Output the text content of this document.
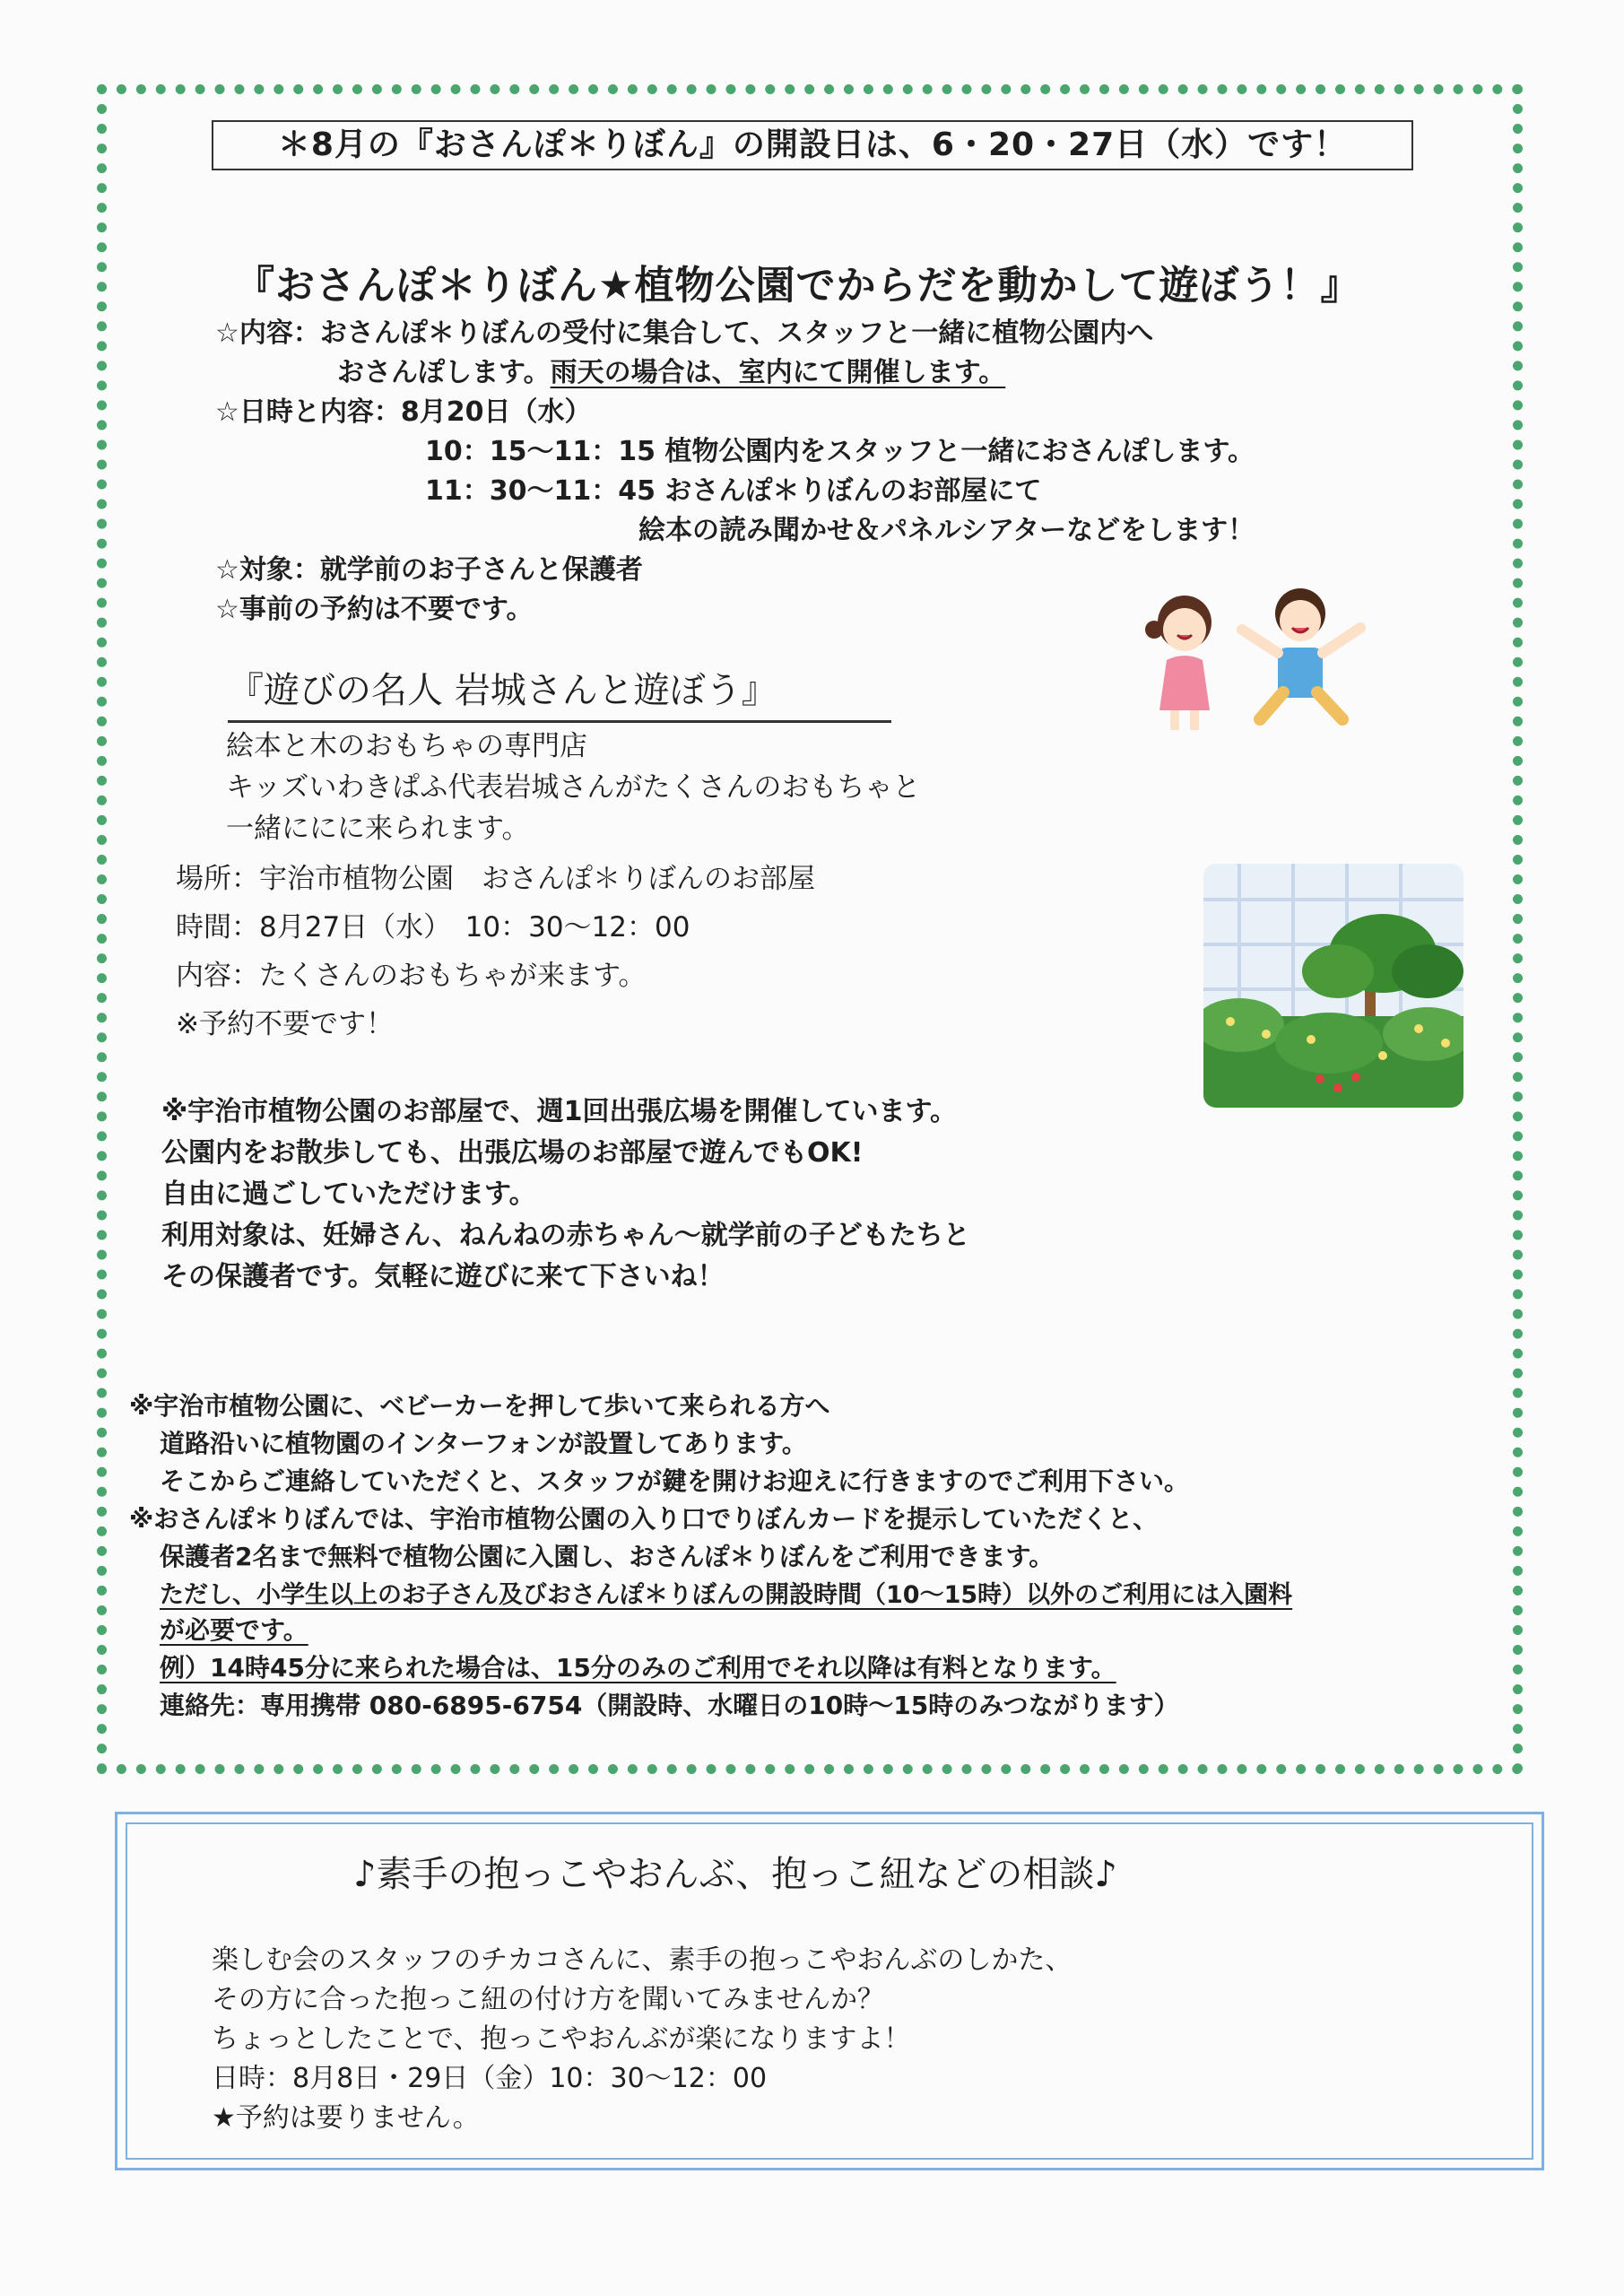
＊8月の『おさんぽ＊りぼん』の開設日は、6・20・27日（水）です！
『おさんぽ＊りぼん★植物公園でからだを動かして遊ぼう！』
☆内容：おさんぽ＊りぼんの受付に集合して、スタッフと一緒に植物公園内へ
おさんぽします。雨天の場合は、室内にて開催します。
☆日時と内容：8月20日（水）
10：15～11：15 植物公園内をスタッフと一緒におさんぽします。
11：30～11：45 おさんぽ＊りぼんのお部屋にて
絵本の読み聞かせ＆パネルシアターなどをします！
☆対象：就学前のお子さんと保護者
☆事前の予約は不要です。
『遊びの名人 岩城さんと遊ぼう』
絵本と木のおもちゃの専門店
キッズいわきぱふ代表岩城さんがたくさんのおもちゃと
一緒ににに来られます。
場所：宇治市植物公園　おさんぽ＊りぼんのお部屋
時間：8月27日（水）　10：30～12：00
内容：たくさんのおもちゃが来ます。
※予約不要です！
※宇治市植物公園のお部屋で、週1回出張広場を開催しています。
公園内をお散歩しても、出張広場のお部屋で遊んでもOK!
自由に過ごしていただけます。
利用対象は、妊婦さん、ねんねの赤ちゃん～就学前の子どもたちと
その保護者です。気軽に遊びに来て下さいね！
※宇治市植物公園に、ベビーカーを押して歩いて来られる方へ
道路沿いに植物園のインターフォンが設置してあります。
そこからご連絡していただくと、スタッフが鍵を開けお迎えに行きますのでご利用下さい。
※おさんぽ＊りぼんでは、宇治市植物公園の入り口でりぼんカードを提示していただくと、
保護者2名まで無料で植物公園に入園し、おさんぽ＊りぼんをご利用できます。
ただし、小学生以上のお子さん及びおさんぽ＊りぼんの開設時間（10～15時）以外のご利用には入園料
が必要です。
例）14時45分に来られた場合は、15分のみのご利用でそれ以降は有料となります。
連絡先：専用携帯 080-6895-6754（開設時、水曜日の10時～15時のみつながります）
♪素手の抱っこやおんぶ、抱っこ紐などの相談♪
楽しむ会のスタッフのチカコさんに、素手の抱っこやおんぶのしかた、
その方に合った抱っこ紐の付け方を聞いてみませんか？
ちょっとしたことで、抱っこやおんぶが楽になりますよ！
日時：8月8日・29日（金）10：30～12：00
★予約は要りません。
